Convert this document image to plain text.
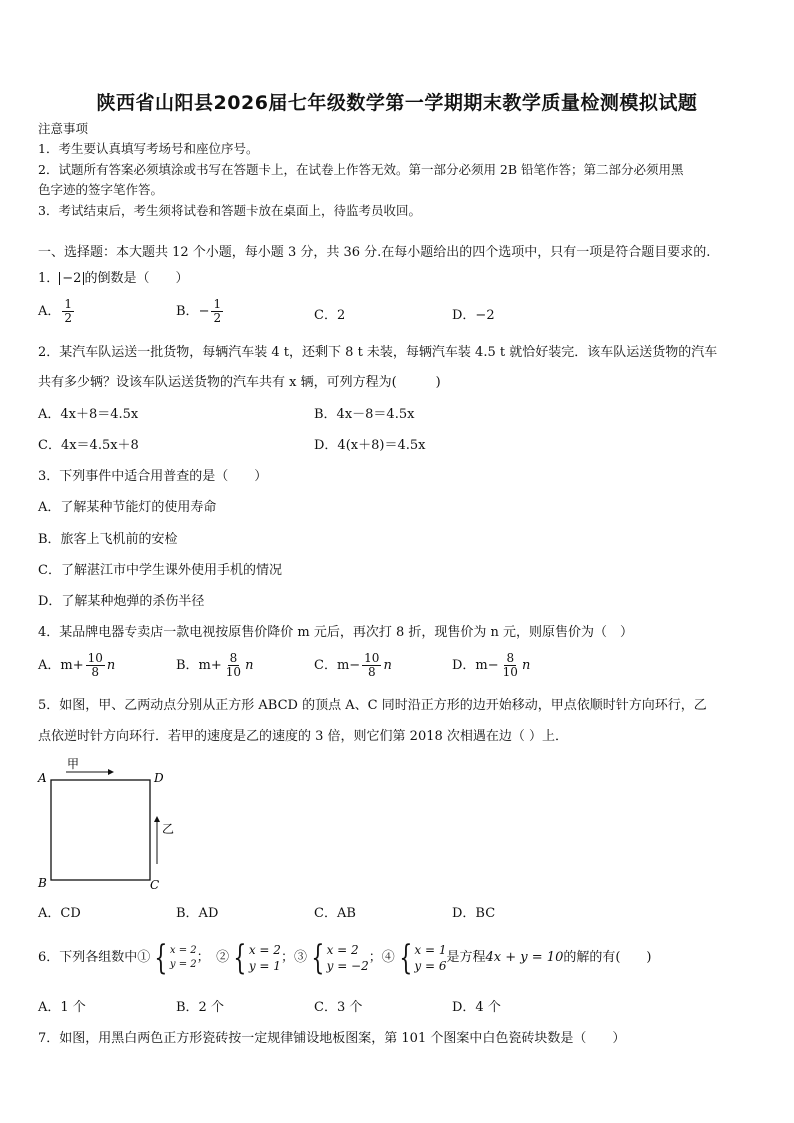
陕西省山阳县2026届七年级数学第一学期期末教学质量检测模拟试题
注意事项
1．考生要认真填写考场号和座位序号。
2．试题所有答案必须填涂或书写在答题卡上，在试卷上作答无效。第一部分必须用 2B 铅笔作答；第二部分必须用黑
色字迹的签字笔作答。
3．考试结束后，考生须将试卷和答题卡放在桌面上，待监考员收回。
一、选择题：本大题共 12 个小题，每小题 3 分，共 36 分.在每小题给出的四个选项中，只有一项是符合题目要求的.
1． −2 的倒数是（　　）
A． $\frac{1}{2}$	B．− $\frac{1}{2}$	C．2	D．−2
2．某汽车队运送一批货物，每辆汽车装 4 t，还剩下 8 t 未装，每辆汽车装 4.5 t 就恰好装完．该车队运送货物的汽车
共有多少辆？设该车队运送货物的汽车共有 x 辆，可列方程为(　　　)
A．4x＋8＝4.5x	B．4x－8＝4.5x
C．4x＝4.5x＋8	D．4(x＋8)＝4.5x
3．下列事件中适合用普查的是（　　）
A．了解某种节能灯的使用寿命
B．旅客上飞机前的安检
C．了解湛江市中学生课外使用手机的情况
D．了解某种炮弹的杀伤半径
4．某品牌电器专卖店一款电视按原售价降价 m 元后，再次打 8 折，现售价为 n 元，则原售价为（　）
A．$m+ \frac{10}{8}$ n	B．$m+ \frac{8}{10}$ n	C．$m- \frac{10}{8}$ n	D．$m- \frac{8}{10}$ n
5．如图，甲、乙两动点分别从正方形 ABCD 的顶点 A、C 同时沿正方形的边开始移动，甲点依顺时针方向环行，乙
点依逆时针方向环行．若甲的速度是乙的速度的 3 倍，则它们第 2018 次相遇在边（ ）上．
A	D
B	C
甲
乙
A．CD	B．AD	C．AB	D．BC
6．下列各组数中① { x = 2
y = 2 ；　② { x = 2
y = 1
；③ { x = 2
y = −2
；④ { x = 1
y = 6
是方程4x + y = 10的解的有(　　)
A．1 个	B．2 个	C．3 个	D．4 个
7．如图，用黑白两色正方形瓷砖按一定规律铺设地板图案，第 101 个图案中白色瓷砖块数是（　　）
